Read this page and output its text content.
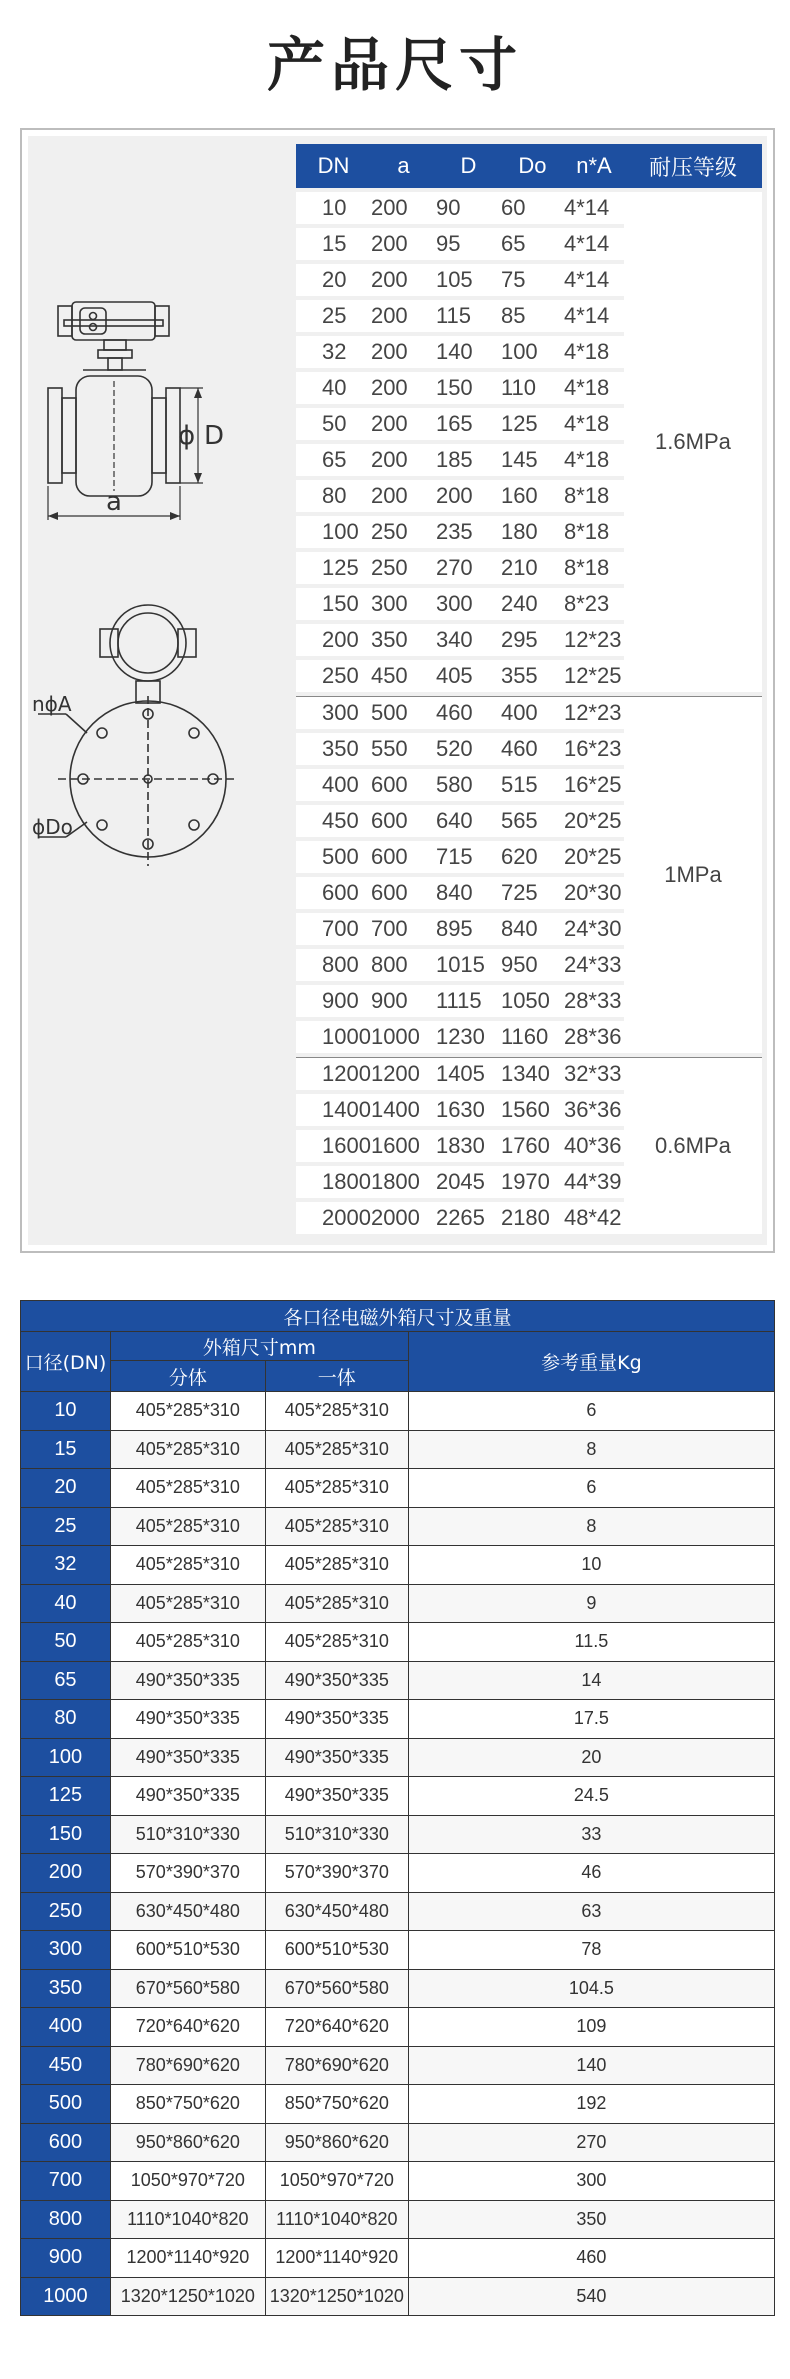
产品尺寸
ϕ D
a
nϕA
ϕDo
DN	a	D	Do	n*A	耐压等级
10	200	90	60	4*14	1.6MPa
15	200	95	65	4*14	
20	200	105	75	4*14	
25	200	115	85	4*14	
32	200	140	100	4*18	
40	200	150	110	4*18	
50	200	165	125	4*18	
65	200	185	145	4*18	
80	200	200	160	8*18	
100	250	235	180	8*18	
125	250	270	210	8*18	
150	300	300	240	8*23	
200	350	340	295	12*23	
250	450	405	355	12*25	
300	500	460	400	12*23	1MPa
350	550	520	460	16*23	
400	600	580	515	16*25	
450	600	640	565	20*25	
500	600	715	620	20*25	
600	600	840	725	20*30	
700	700	895	840	24*30	
800	800	1015	950	24*33	
900	900	1115	1050	28*33	
1000	1000	1230	1160	28*36	
1200	1200	1405	1340	32*33	0.6MPa
1400	1400	1630	1560	36*36	
1600	1600	1830	1760	40*36	
1800	1800	2045	1970	44*39	
2000	2000	2265	2180	48*42	
各口径电磁外箱尺寸及重量			
口径(DN)	外箱尺寸mm		参考重量Kg
	分体	一体	
10	405*285*310	405*285*310	6
15	405*285*310	405*285*310	8
20	405*285*310	405*285*310	6
25	405*285*310	405*285*310	8
32	405*285*310	405*285*310	10
40	405*285*310	405*285*310	9
50	405*285*310	405*285*310	11.5
65	490*350*335	490*350*335	14
80	490*350*335	490*350*335	17.5
100	490*350*335	490*350*335	20
125	490*350*335	490*350*335	24.5
150	510*310*330	510*310*330	33
200	570*390*370	570*390*370	46
250	630*450*480	630*450*480	63
300	600*510*530	600*510*530	78
350	670*560*580	670*560*580	104.5
400	720*640*620	720*640*620	109
450	780*690*620	780*690*620	140
500	850*750*620	850*750*620	192
600	950*860*620	950*860*620	270
700	1050*970*720	1050*970*720	300
800	1110*1040*820	1110*1040*820	350
900	1200*1140*920	1200*1140*920	460
1000	1320*1250*1020	1320*1250*1020	540
